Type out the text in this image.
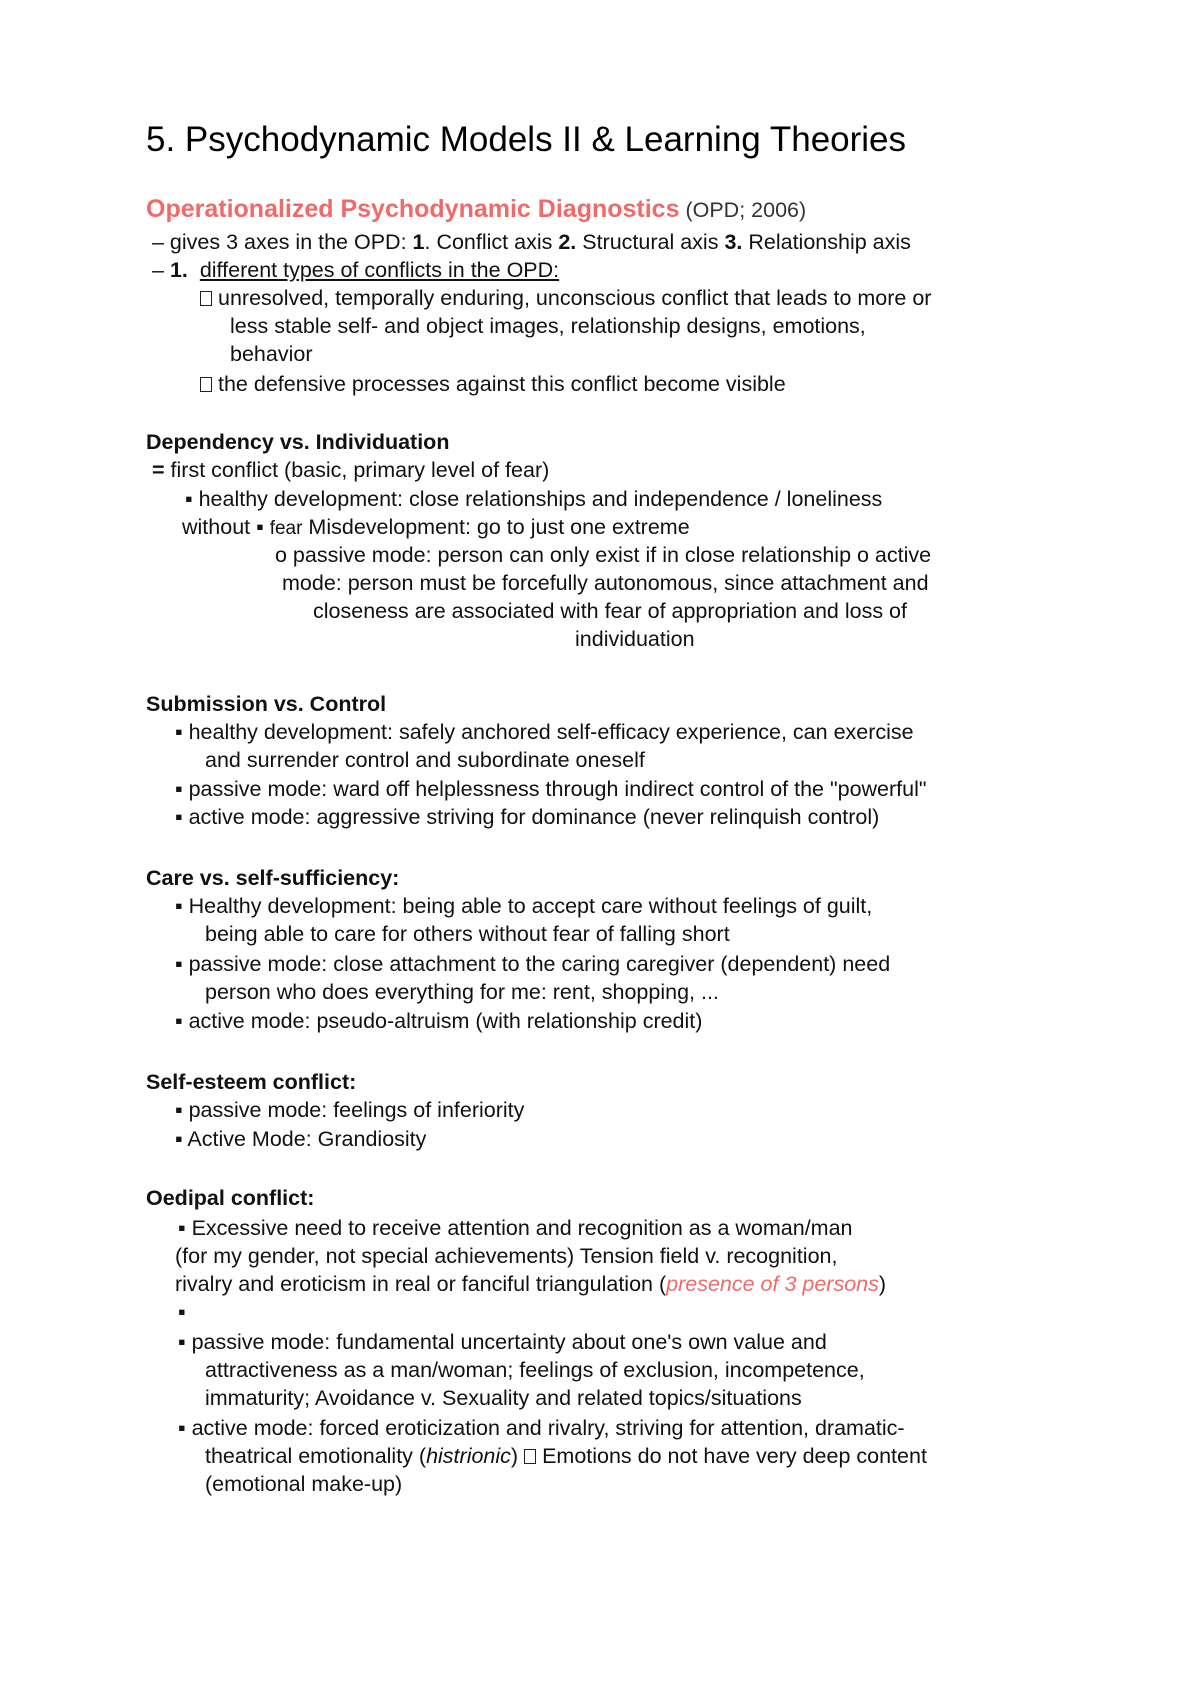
5. Psychodynamic Models II & Learning Theories
Operationalized Psychodynamic Diagnostics (OPD; 2006)
– gives 3 axes in the OPD: 1. Conflict axis 2. Structural axis 3. Relationship axis
– 1. different types of conflicts in the OPD:
unresolved, temporally enduring, unconscious conflict that leads to more or
less stable self- and object images, relationship designs, emotions,
behavior
the defensive processes against this conflict become visible
Dependency vs. Individuation
= first conflict (basic, primary level of fear)
▪ healthy development: close relationships and independence / loneliness
without ▪ fear Misdevelopment: go to just one extreme
o passive mode: person can only exist if in close relationship o active
mode: person must be forcefully autonomous, since attachment and
closeness are associated with fear of appropriation and loss of
individuation
Submission vs. Control
▪ healthy development: safely anchored self-efficacy experience, can exercise
and surrender control and subordinate oneself
▪ passive mode: ward off helplessness through indirect control of the "powerful"
▪ active mode: aggressive striving for dominance (never relinquish control)
Care vs. self-sufficiency:
▪ Healthy development: being able to accept care without feelings of guilt,
being able to care for others without fear of falling short
▪ passive mode: close attachment to the caring caregiver (dependent) need
person who does everything for me: rent, shopping, ...
▪ active mode: pseudo-altruism (with relationship credit)
Self-esteem conflict:
▪ passive mode: feelings of inferiority
▪ Active Mode: Grandiosity
Oedipal conflict:
▪ Excessive need to receive attention and recognition as a woman/man
(for my gender, not special achievements) Tension field v. recognition,
rivalry and eroticism in real or fanciful triangulation (presence of 3 persons)
▪
▪ passive mode: fundamental uncertainty about one's own value and
attractiveness as a man/woman; feelings of exclusion, incompetence,
immaturity; Avoidance v. Sexuality and related topics/situations
▪ active mode: forced eroticization and rivalry, striving for attention, dramatic-
theatrical emotionality (histrionic) Emotions do not have very deep content
(emotional make-up)
